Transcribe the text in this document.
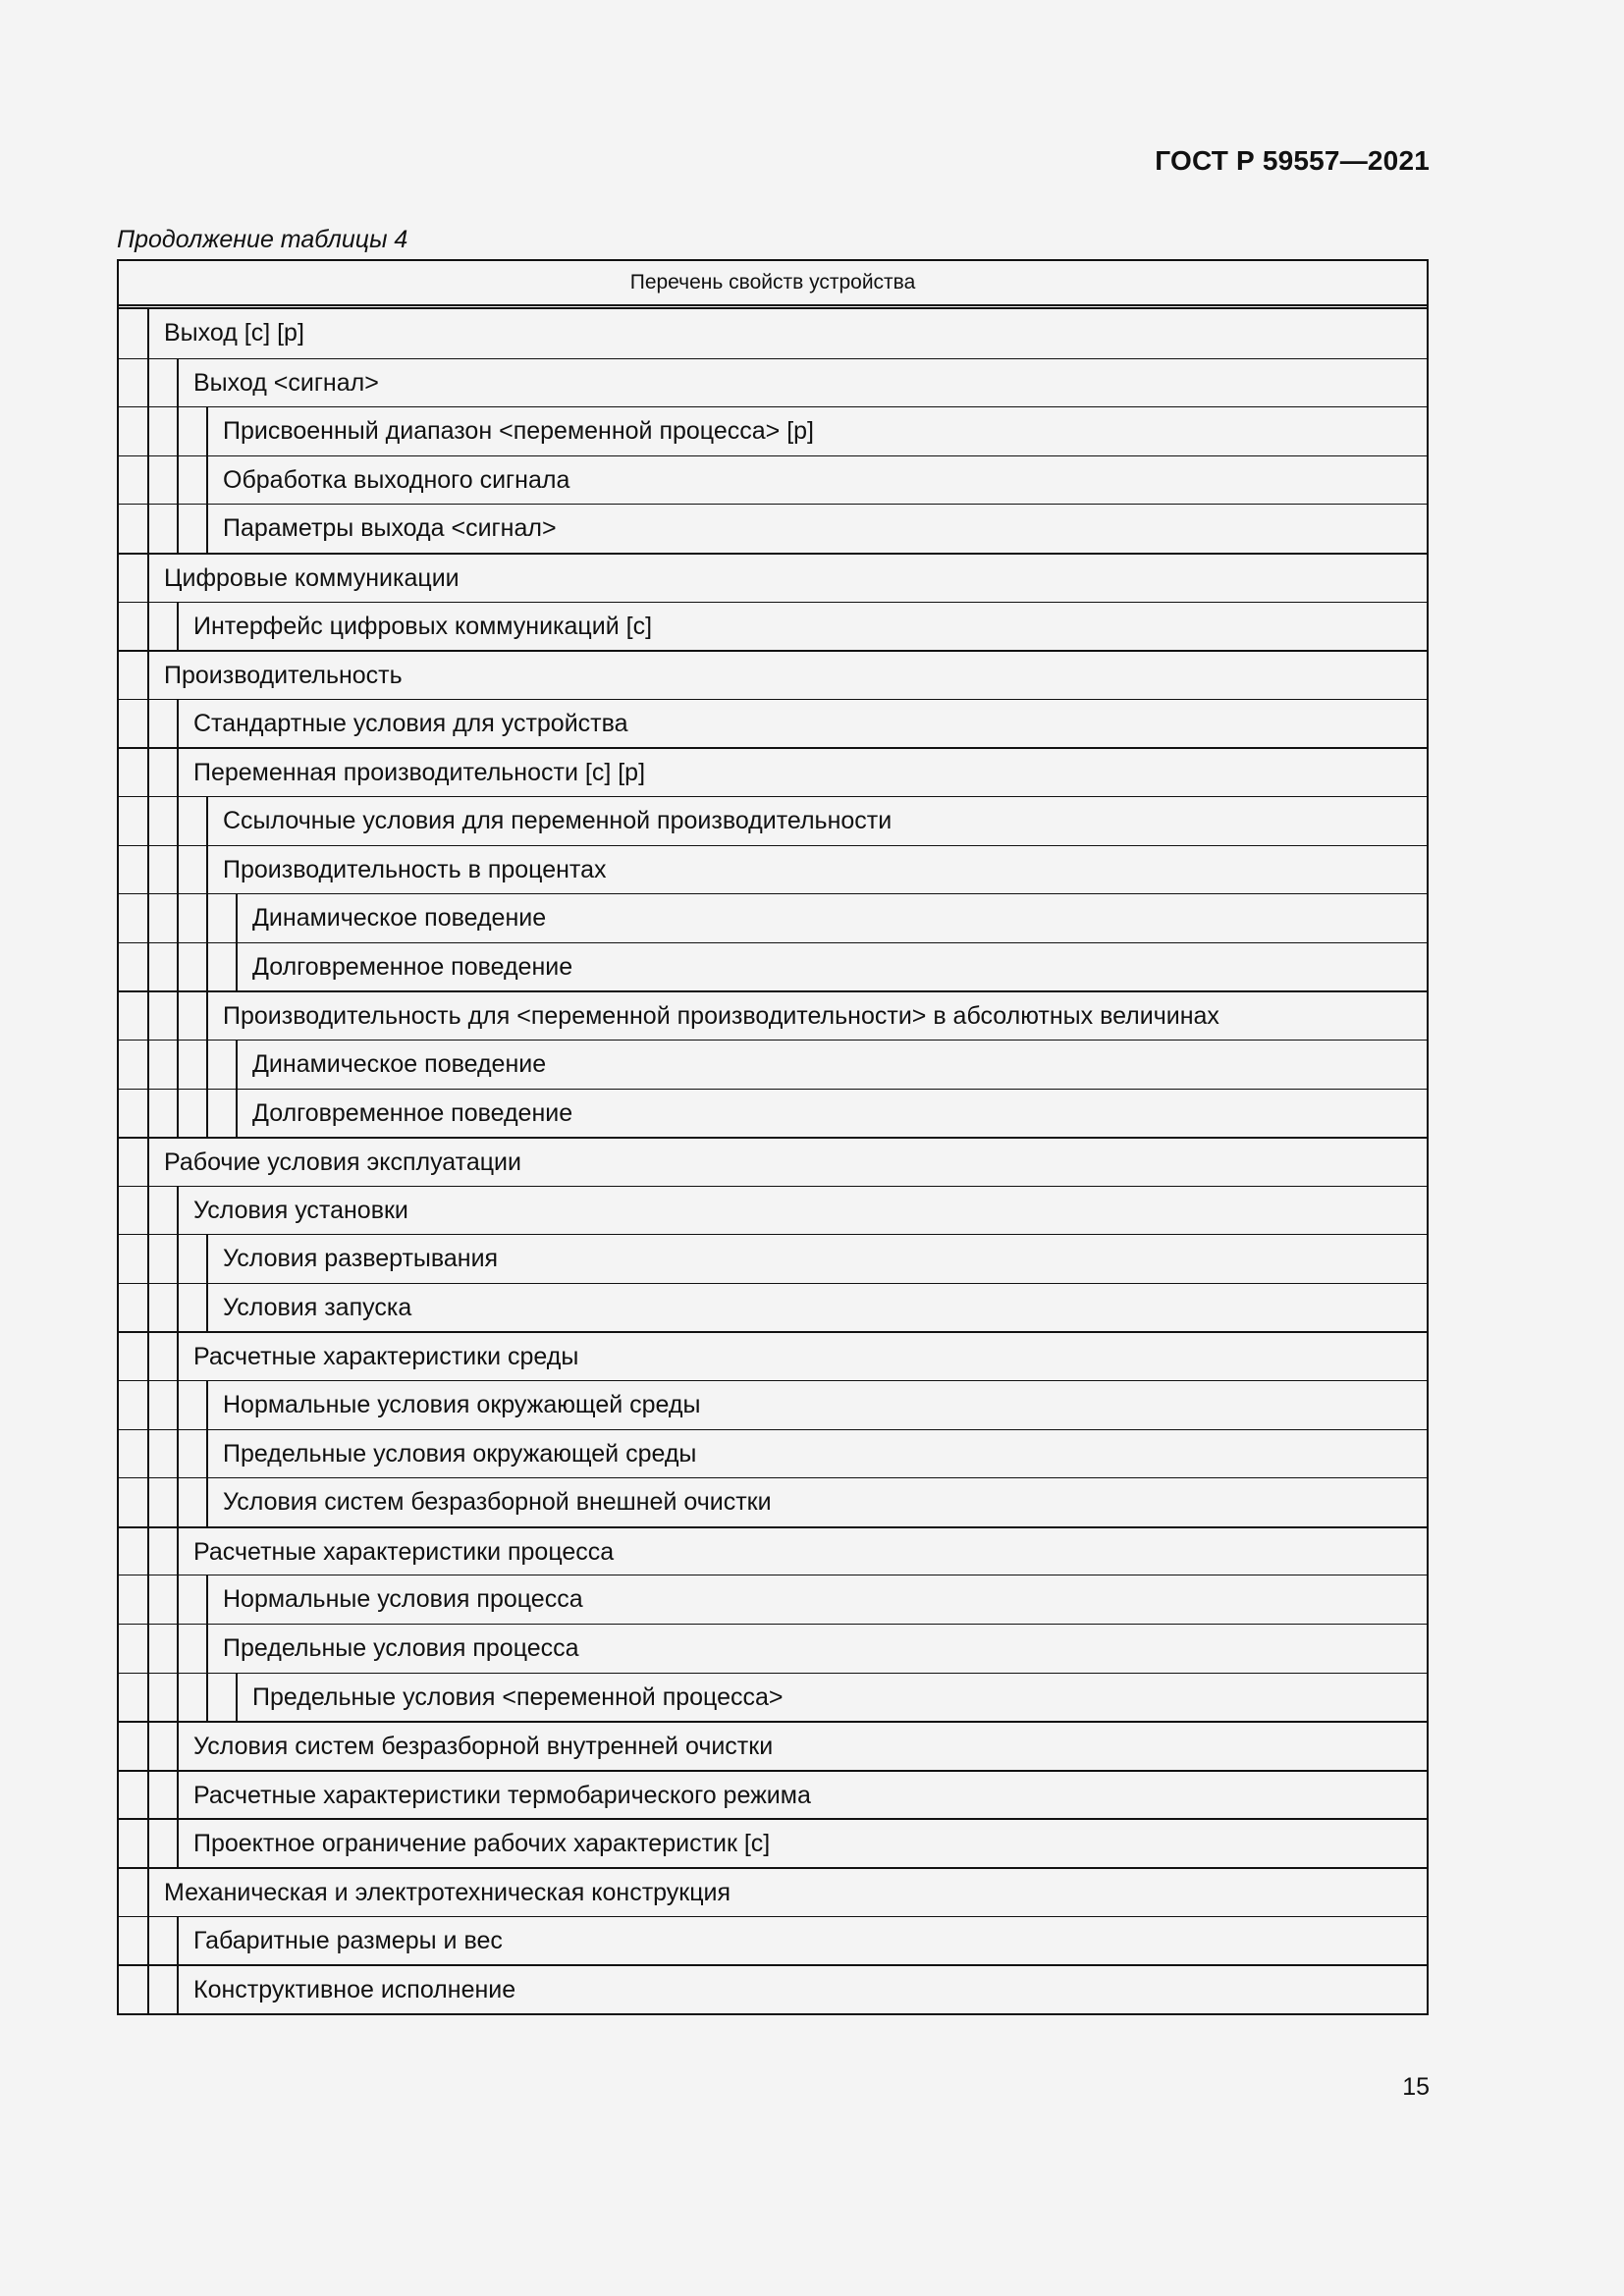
ГОСТ Р 59557—2021
Продолжение таблицы 4
Перечень свойств устройства
Выход [c] [p]
Выход <сигнал>
Присвоенный диапазон <переменной процесса> [p]
Обработка выходного сигнала
Параметры выхода <сигнал>
Цифровые коммуникации
Интерфейс цифровых коммуникаций [c]
Производительность
Стандартные условия для устройства
Переменная производительности [c] [p]
Ссылочные условия для переменной производительности
Производительность в процентах
Динамическое поведение
Долговременное поведение
Производительность для <переменной производительности> в абсолютных величинах
Динамическое поведение
Долговременное поведение
Рабочие условия эксплуатации
Условия установки
Условия развертывания
Условия запуска
Расчетные характеристики среды
Нормальные условия окружающей среды
Предельные условия окружающей среды
Условия систем безразборной внешней очистки
Расчетные характеристики процесса
Нормальные условия процесса
Предельные условия процесса
Предельные условия <переменной процесса>
Условия систем безразборной внутренней очистки
Расчетные характеристики термобарического режима
Проектное ограничение рабочих характеристик [c]
Механическая и электротехническая конструкция
Габаритные размеры и вес
Конструктивное исполнение
15
